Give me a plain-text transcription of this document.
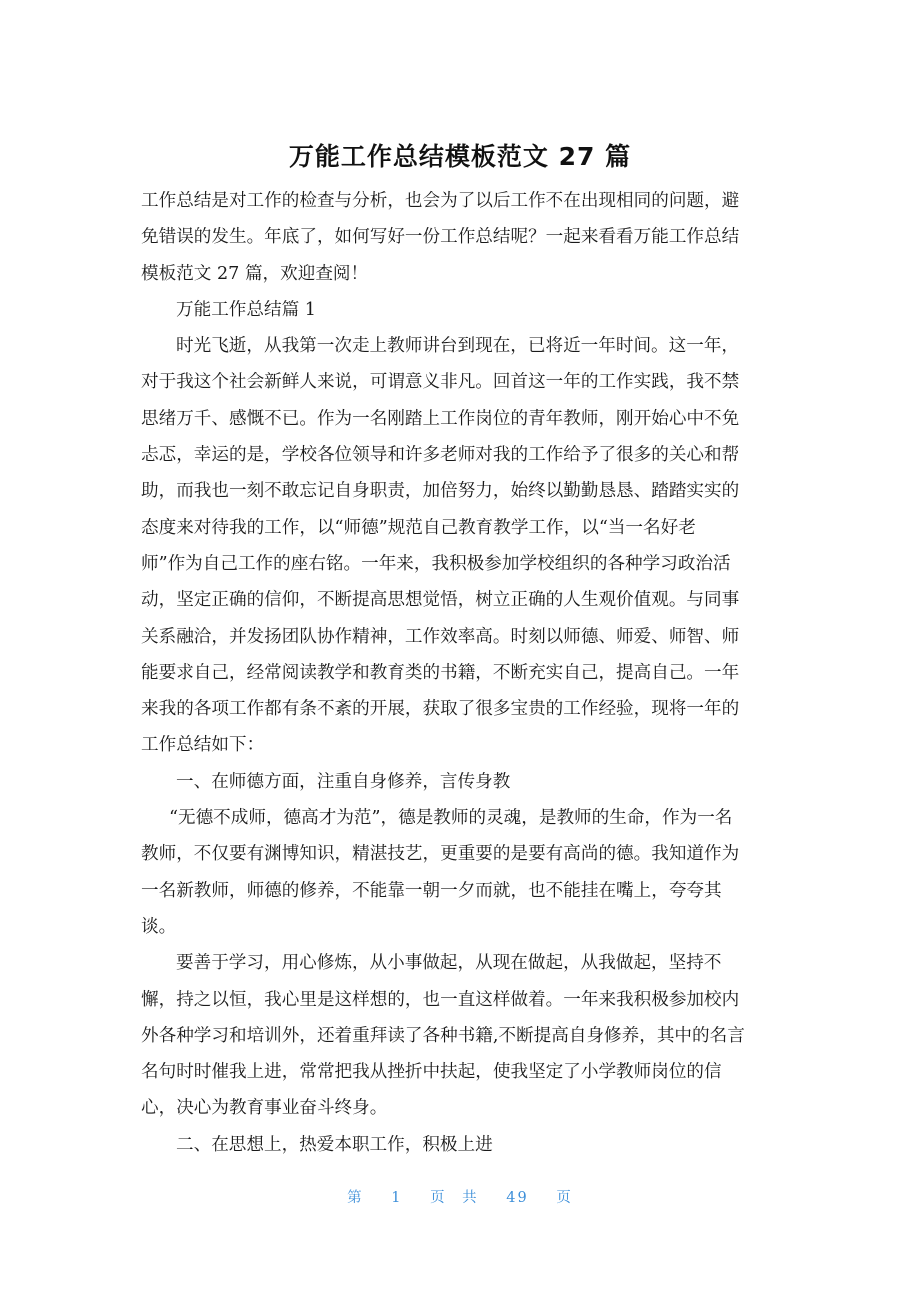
万能工作总结模板范文 27 篇
工作总结是对工作的检查与分析，也会为了以后工作不在出现相同的问题，避
免错误的发生。年底了，如何写好一份工作总结呢？一起来看看万能工作总结
模板范文 27 篇，欢迎查阅！
万能工作总结篇 1
时光飞逝，从我第一次走上教师讲台到现在，已将近一年时间。这一年，
对于我这个社会新鲜人来说，可谓意义非凡。回首这一年的工作实践，我不禁
思绪万千、感慨不已。作为一名刚踏上工作岗位的青年教师，刚开始心中不免
忐忑，幸运的是，学校各位领导和许多老师对我的工作给予了很多的关心和帮
助，而我也一刻不敢忘记自身职责，加倍努力，始终以勤勤恳恳、踏踏实实的
态度来对待我的工作，以“师德”规范自己教育教学工作，以“当一名好老
师”作为自己工作的座右铭。一年来，我积极参加学校组织的各种学习政治活
动，坚定正确的信仰，不断提高思想觉悟，树立正确的人生观价值观。与同事
关系融洽，并发扬团队协作精神，工作效率高。时刻以师德、师爱、师智、师
能要求自己，经常阅读教学和教育类的书籍，不断充实自己，提高自己。一年
来我的各项工作都有条不紊的开展，获取了很多宝贵的工作经验，现将一年的
工作总结如下：
一、在师德方面，注重自身修养，言传身教
“无德不成师，德高才为范”，德是教师的灵魂，是教师的生命，作为一名
教师，不仅要有渊博知识，精湛技艺，更重要的是要有高尚的德。我知道作为
一名新教师，师德的修养，不能靠一朝一夕而就，也不能挂在嘴上，夸夸其
谈。
要善于学习，用心修炼，从小事做起，从现在做起，从我做起，坚持不
懈，持之以恒，我心里是这样想的，也一直这样做着。一年来我积极参加校内
外各种学习和培训外，还着重拜读了各种书籍,不断提高自身修养，其中的名言
名句时时催我上进，常常把我从挫折中扶起，使我坚定了小学教师岗位的信
心，决心为教育事业奋斗终身。
二、在思想上，热爱本职工作，积极上进
第 1 页 共 49 页
